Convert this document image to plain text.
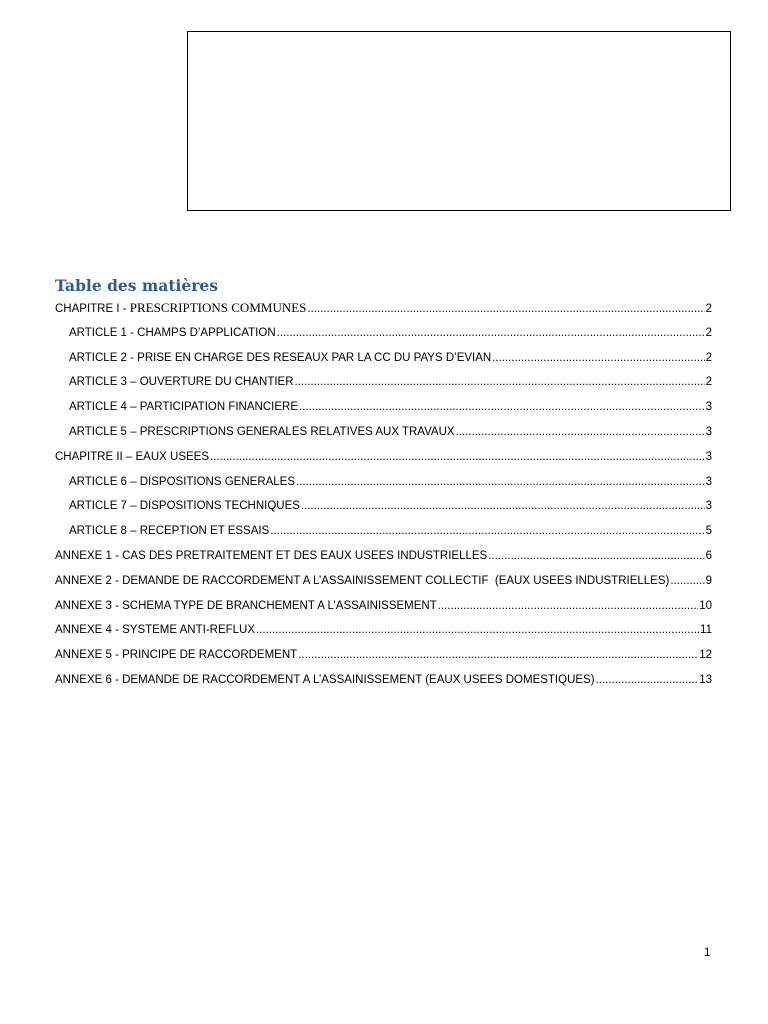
Table des matières
CHAPITRE I - PRESCRIPTIONS COMMUNES .....	2
ARTICLE 1 - CHAMPS D’APPLICATION .....	2
ARTICLE 2 - PRISE EN CHARGE DES RESEAUX PAR LA CC DU PAYS D’EVIAN .....	2
ARTICLE 3 – OUVERTURE DU CHANTIER .....	2
ARTICLE 4 – PARTICIPATION FINANCIERE .....	3
ARTICLE 5 – PRESCRIPTIONS GENERALES RELATIVES AUX TRAVAUX .....	3
CHAPITRE II – EAUX USEES .....	3
ARTICLE 6 – DISPOSITIONS GENERALES .....	3
ARTICLE 7 – DISPOSITIONS TECHNIQUES .....	3
ARTICLE 8 – RECEPTION ET ESSAIS .....	5
ANNEXE 1 - CAS DES PRETRAITEMENT ET DES EAUX USEES INDUSTRIELLES .....	6
ANNEXE 2 - DEMANDE DE RACCORDEMENT A L’ASSAINISSEMENT COLLECTIF  (EAUX USEES INDUSTRIELLES) .....	9
ANNEXE 3 - SCHEMA TYPE DE BRANCHEMENT A L’ASSAINISSEMENT .....	10
ANNEXE 4 - SYSTEME ANTI-REFLUX .....	11
ANNEXE 5 - PRINCIPE DE RACCORDEMENT .....	12
ANNEXE 6 - DEMANDE DE RACCORDEMENT A L’ASSAINISSEMENT (EAUX USEES DOMESTIQUES) .....	13
1
